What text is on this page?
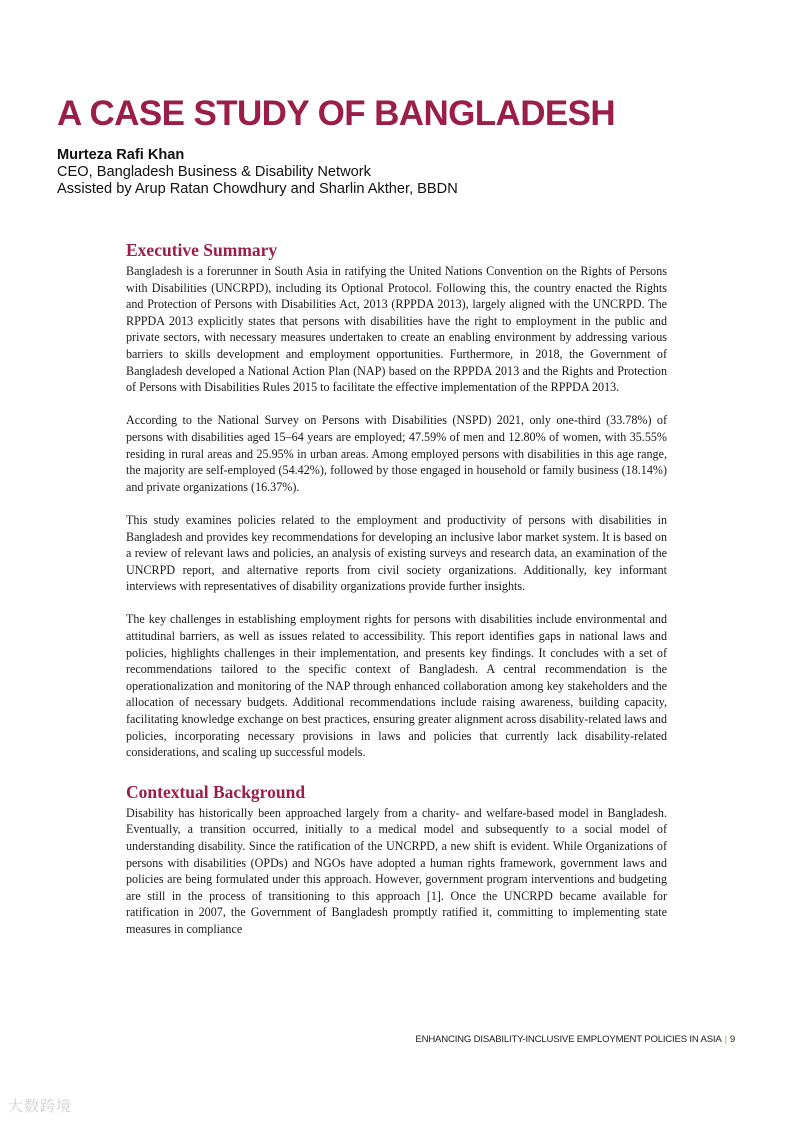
A CASE STUDY OF BANGLADESH
Murteza Rafi Khan
CEO, Bangladesh Business & Disability Network
Assisted by Arup Ratan Chowdhury and Sharlin Akther, BBDN
Executive Summary

Bangladesh is a forerunner in South Asia in ratifying the United Nations Convention on the Rights of Persons with Disabilities (UNCRPD), including its Optional Protocol. Following this, the country enacted the Rights and Protection of Persons with Disabilities Act, 2013 (RPPDA 2013), largely aligned with the UNCRPD. The RPPDA 2013 explicitly states that persons with disabilities have the right to employment in the public and private sectors, with necessary measures undertaken to create an enabling environment by addressing various barriers to skills development and employment opportunities. Furthermore, in 2018, the Government of Bangladesh developed a National Action Plan (NAP) based on the RPPDA 2013 and the Rights and Protection of Persons with Disabilities Rules 2015 to facilitate the effective implementation of the RPPDA 2013.

According to the National Survey on Persons with Disabilities (NSPD) 2021, only one-third (33.78%) of persons with disabilities aged 15–64 years are employed; 47.59% of men and 12.80% of women, with 35.55% residing in rural areas and 25.95% in urban areas. Among employed persons with disabilities in this age range, the majority are self-employed (54.42%), followed by those engaged in household or family business (18.14%) and private organizations (16.37%).

This study examines policies related to the employment and productivity of persons with disabilities in Bangladesh and provides key recommendations for developing an inclusive labor market system. It is based on a review of relevant laws and policies, an analysis of existing surveys and research data, an examination of the UNCRPD report, and alternative reports from civil society organizations. Additionally, key informant interviews with representatives of disability organizations provide further insights.

The key challenges in establishing employment rights for persons with disabilities include environmental and attitudinal barriers, as well as issues related to accessibility. This report identifies gaps in national laws and policies, highlights challenges in their implementation, and presents key findings. It concludes with a set of recommendations tailored to the specific context of Bangladesh. A central recommendation is the operationalization and monitoring of the NAP through enhanced collaboration among key stakeholders and the allocation of necessary budgets. Additional recommendations include raising awareness, building capacity, facilitating knowledge exchange on best practices, ensuring greater alignment across disability-related laws and policies, incorporating necessary provisions in laws and policies that currently lack disability-related considerations, and scaling up successful models.

Contextual Background

Disability has historically been approached largely from a charity- and welfare-based model in Bangladesh. Eventually, a transition occurred, initially to a medical model and subsequently to a social model of understanding disability. Since the ratification of the UNCRPD, a new shift is evident. While Organizations of persons with disabilities (OPDs) and NGOs have adopted a human rights framework, government laws and policies are being formulated under this approach. However, government program interventions and budgeting are still in the process of transitioning to this approach [1]. Once the UNCRPD became available for ratification in 2007, the Government of Bangladesh promptly ratified it, committing to implementing state measures in compliance

ENHANCING DISABILITY-INCLUSIVE EMPLOYMENT POLICIES IN ASIA | 9
大数跨境
